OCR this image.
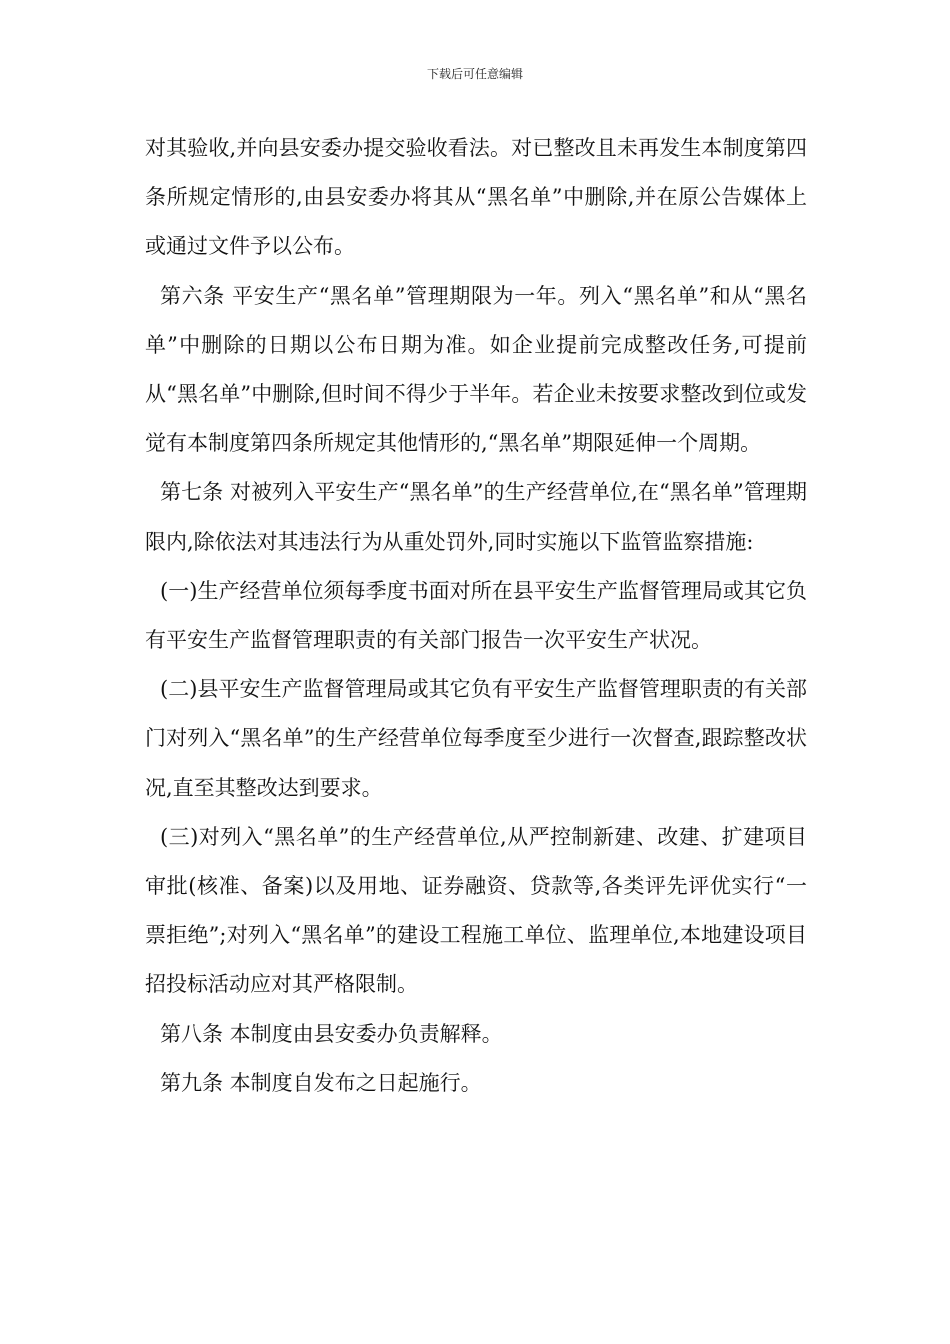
下载后可任意编辑

对其验收,并向县安委办提交验收看法。对已整改且未再发生本制度第四条所规定情形的,由县安委办将其从“黑名单”中删除,并在原公告媒体上或通过文件予以公布。

第六条 平安生产“黑名单”管理期限为一年。列入“黑名单”和从“黑名单”中删除的日期以公布日期为准。如企业提前完成整改任务,可提前从“黑名单”中删除,但时间不得少于半年。若企业未按要求整改到位或发觉有本制度第四条所规定其他情形的,“黑名单”期限延伸一个周期。

第七条 对被列入平安生产“黑名单”的生产经营单位,在“黑名单”管理期限内,除依法对其违法行为从重处罚外,同时实施以下监管监察措施:

(一)生产经营单位须每季度书面对所在县平安生产监督管理局或其它负有平安生产监督管理职责的有关部门报告一次平安生产状况。

(二)县平安生产监督管理局或其它负有平安生产监督管理职责的有关部门对列入“黑名单”的生产经营单位每季度至少进行一次督查,跟踪整改状况,直至其整改达到要求。

(三)对列入“黑名单”的生产经营单位,从严控制新建、改建、扩建项目审批(核准、备案)以及用地、证券融资、贷款等,各类评先评优实行“一票拒绝”;对列入“黑名单”的建设工程施工单位、监理单位,本地建设项目招投标活动应对其严格限制。

第八条 本制度由县安委办负责解释。

第九条 本制度自发布之日起施行。
